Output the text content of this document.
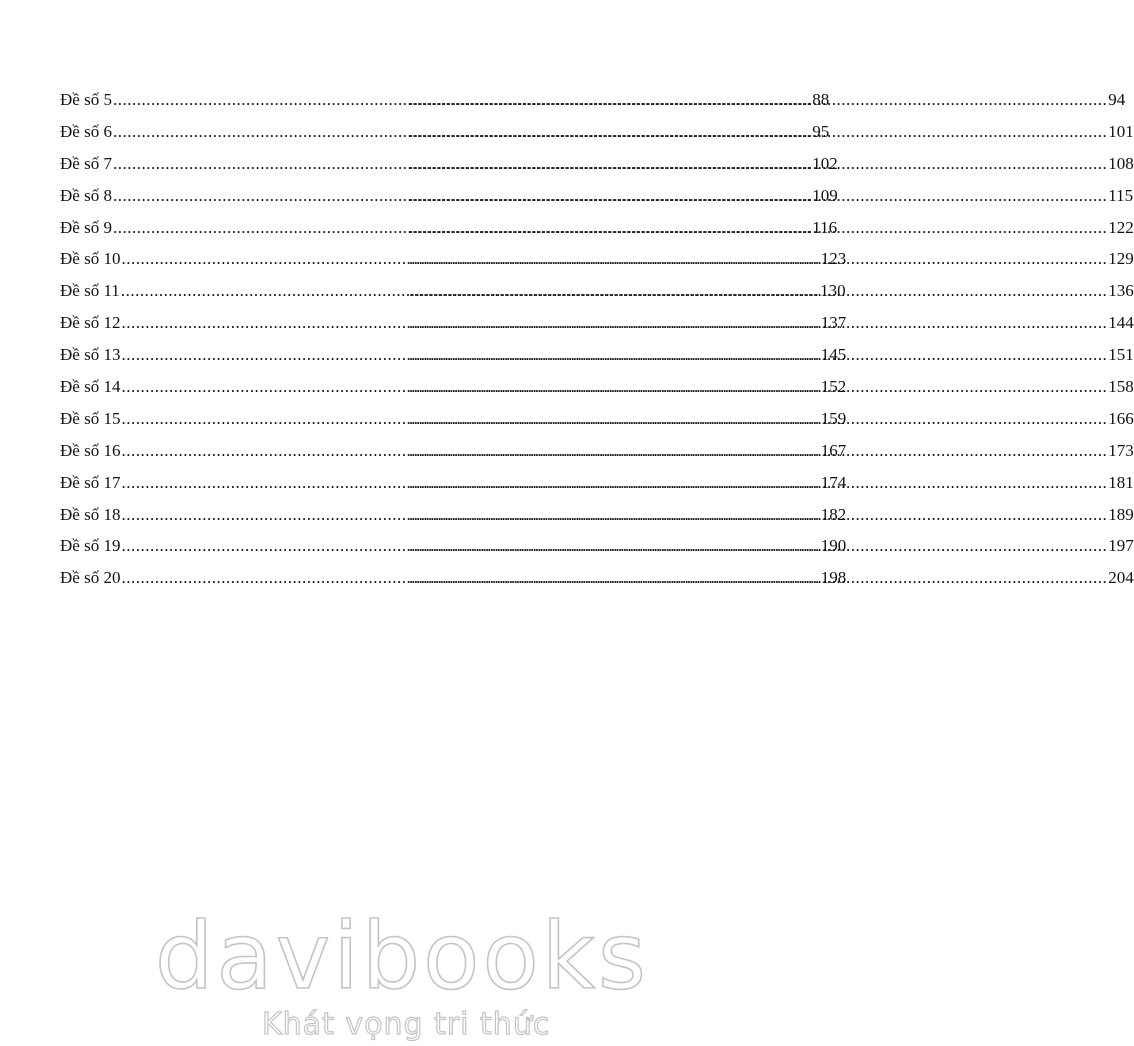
Đề số 5 .....	88 .....	94
Đề số 6 .....	95 .....	101
Đề số 7 .....	102 .....	108
Đề số 8 .....	109 .....	115
Đề số 9 .....	116 .....	122
Đề số 10 .....	123 .....	129
Đề số 11 .....	130 .....	136
Đề số 12 .....	137 .....	144
Đề số 13 .....	145 .....	151
Đề số 14 .....	152 .....	158
Đề số 15 .....	159 .....	166
Đề số 16 .....	167 .....	173
Đề số 17 .....	174 .....	181
Đề số 18 .....	182 .....	189
Đề số 19 .....	190 .....	197
Đề số 20 .....	198 .....	204
davibooks
Khát vọng tri thức
